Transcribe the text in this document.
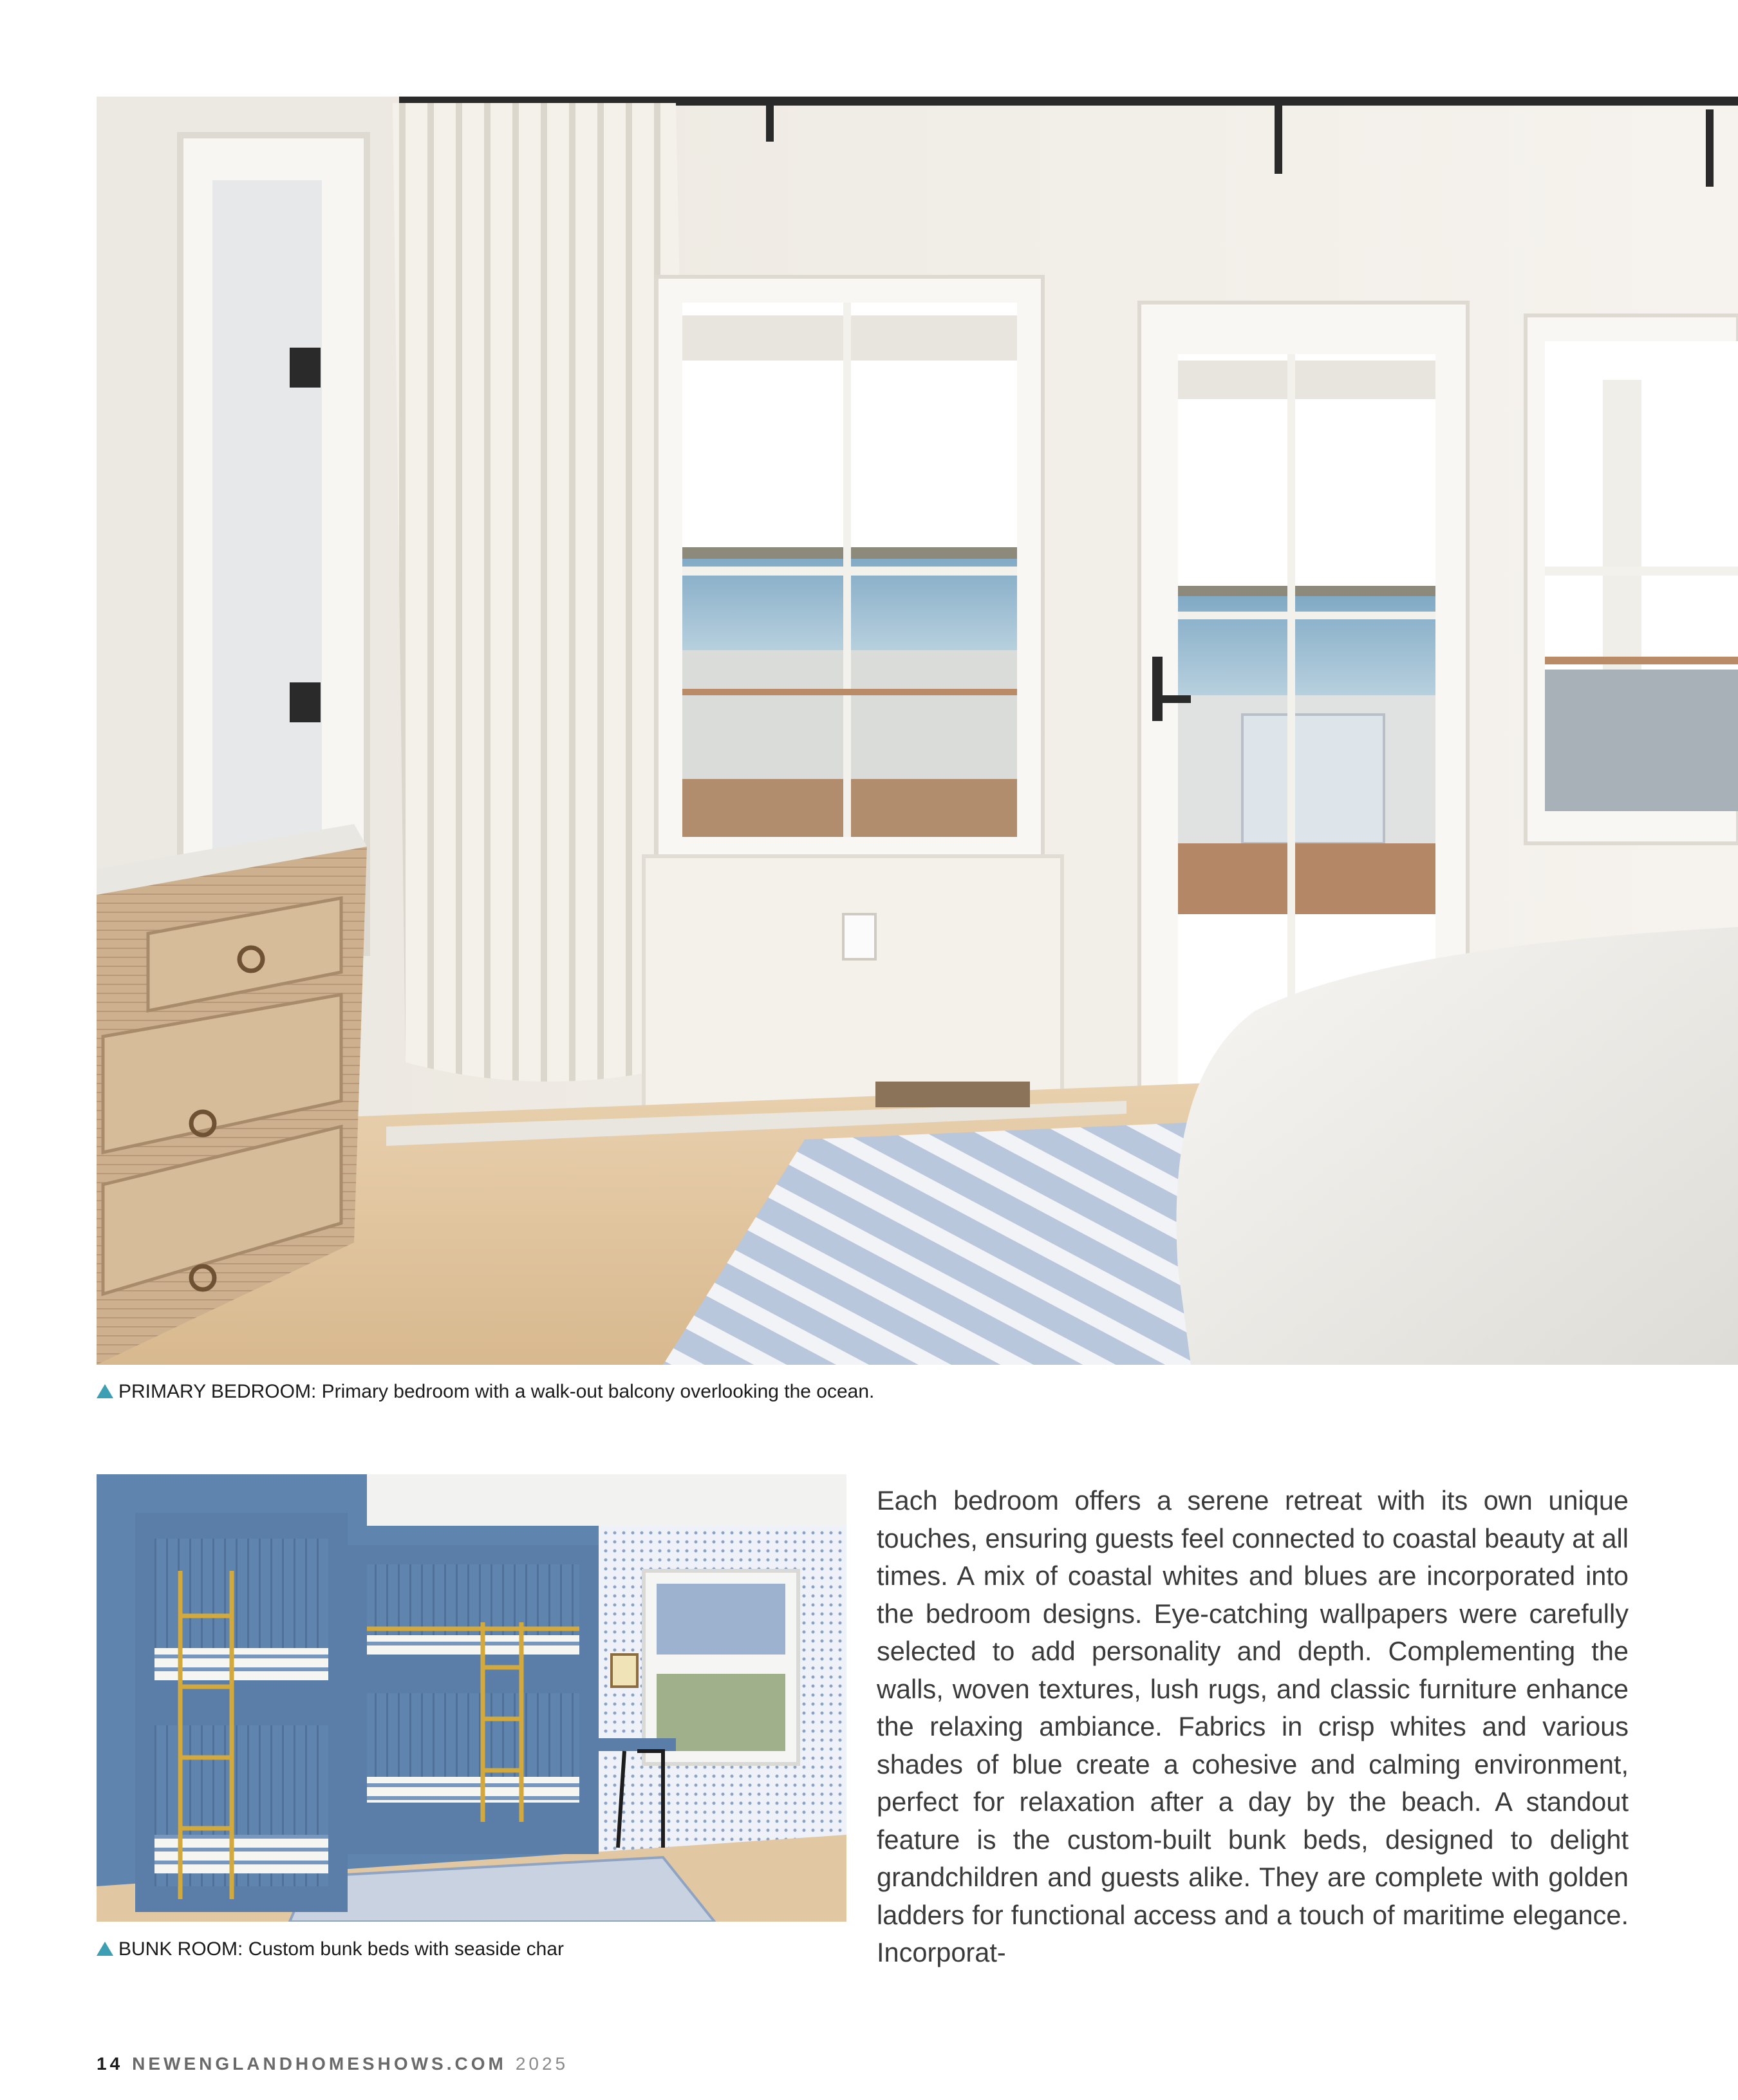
PRIMARY BEDROOM: Primary bedroom with a walk-out balcony overlooking the ocean.
BUNK ROOM: Custom bunk beds with seaside char

Each bedroom offers a serene retreat with its own unique touches, ensuring guests feel connected to coastal beauty at all times. A mix of coastal whites and blues are incorporated into the bedroom designs. Eye-catching wallpapers were carefully selected to add personality and depth. Complementing the walls, woven textures, lush rugs, and classic furniture enhance the relaxing ambiance. Fabrics in crisp whites and various shades of blue create a cohesive and calming environment, perfect for relaxation after a day by the beach. A standout feature is the custom-built bunk beds, designed to delight grandchildren and guests alike. They are complete with golden ladders for functional access and a touch of maritime elegance. Incorporat-

14 NEWENGLANDHOMESHOWS.COM 2025
